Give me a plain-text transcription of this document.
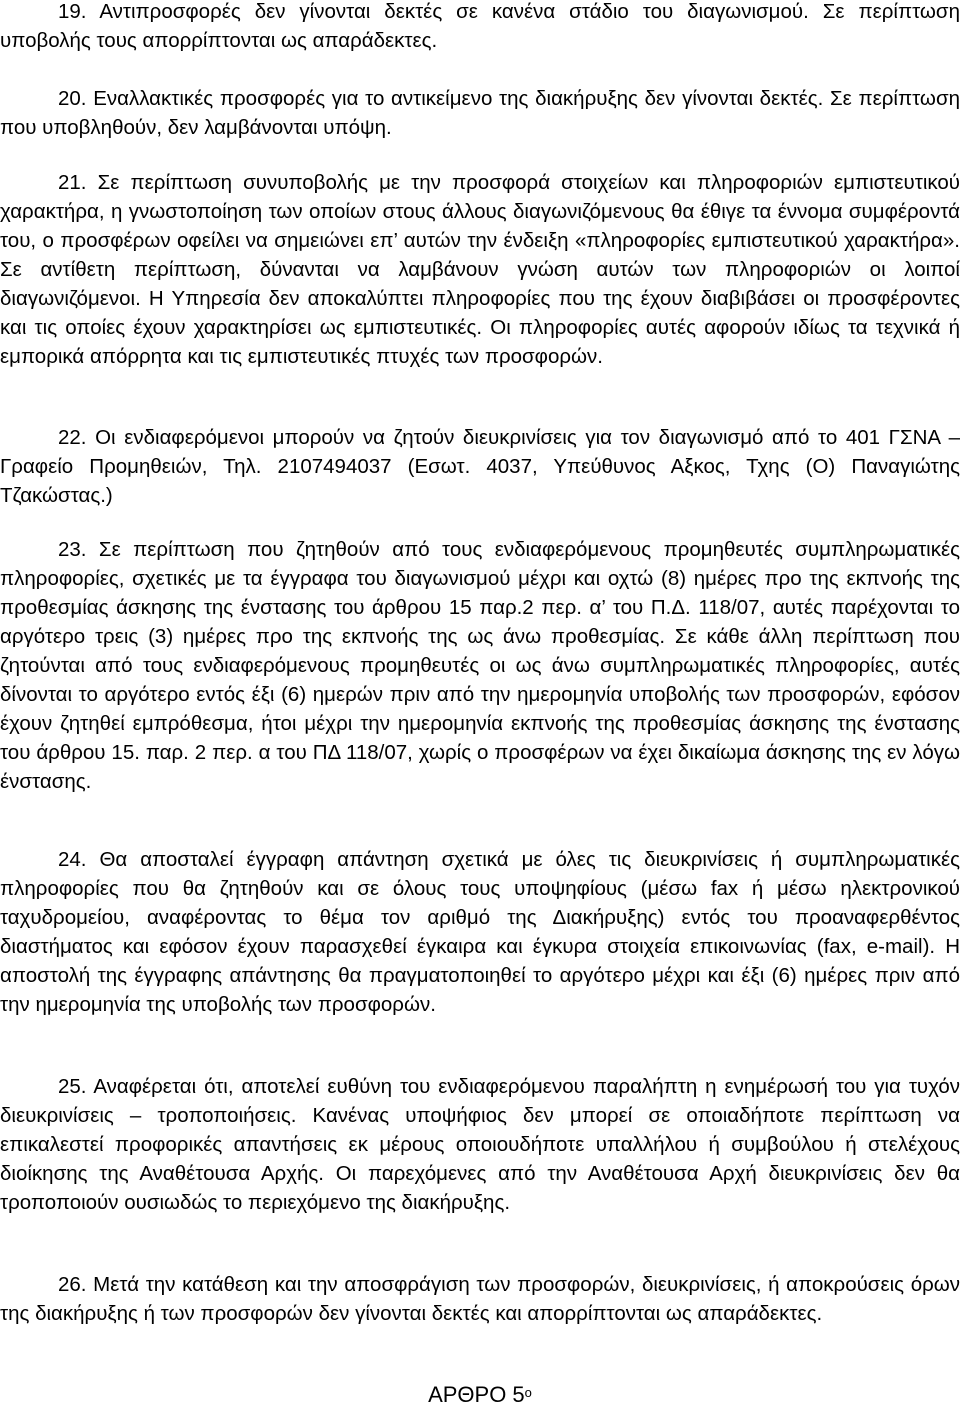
19. Αντιπροσφορές δεν γίνονται δεκτές σε κανένα στάδιο του διαγωνισμού. Σε περίπτωση υποβολής τους απορρίπτονται ως απαράδεκτες.

20. Εναλλακτικές προσφορές για το αντικείμενο της διακήρυξης δεν γίνονται δεκτές. Σε περίπτωση που υποβληθούν, δεν λαμβάνονται υπόψη.

21. Σε περίπτωση συνυποβολής με την προσφορά στοιχείων και πληροφοριών εμπιστευτικού χαρακτήρα, η γνωστοποίηση των οποίων στους άλλους διαγωνιζόμενους θα έθιγε τα έννομα συμφέροντά του, ο προσφέρων οφείλει να σημειώνει επ’ αυτών την ένδειξη «πληροφορίες εμπιστευτικού χαρακτήρα». Σε αντίθετη περίπτωση, δύνανται να λαμβάνουν γνώση αυτών των πληροφοριών οι λοιποί διαγωνιζόμενοι. Η Υπηρεσία δεν αποκαλύπτει πληροφορίες που της έχουν διαβιβάσει οι προσφέροντες και τις οποίες έχουν χαρακτηρίσει ως εμπιστευτικές. Οι πληροφορίες αυτές αφορούν ιδίως τα τεχνικά ή εμπορικά απόρρητα και τις εμπιστευτικές πτυχές των προσφορών.

22. Οι ενδιαφερόμενοι μπορούν να ζητούν διευκρινίσεις για τον διαγωνισμό από το 401 ΓΣΝΑ – Γραφείο Προμηθειών, Τηλ. 2107494037 (Εσωτ. 4037, Υπεύθυνος Αξκος, Τχης (Ο) Παναγιώτης Τζακώστας.)

23. Σε περίπτωση που ζητηθούν από τους ενδιαφερόμενους προμηθευτές συμπληρωματικές πληροφορίες, σχετικές με τα έγγραφα του διαγωνισμού μέχρι και οχτώ (8) ημέρες προ της εκπνοής της προθεσμίας άσκησης της ένστασης του άρθρου 15 παρ.2 περ. α’ του Π.Δ. 118/07, αυτές παρέχονται το αργότερο τρεις (3) ημέρες προ της εκπνοής της ως άνω προθεσμίας. Σε κάθε άλλη περίπτωση που ζητούνται από τους ενδιαφερόμενους προμηθευτές οι ως άνω συμπληρωματικές πληροφορίες, αυτές δίνονται το αργότερο εντός έξι (6) ημερών πριν από την ημερομηνία υποβολής των προσφορών, εφόσον έχουν ζητηθεί εμπρόθεσμα, ήτοι μέχρι την ημερομηνία εκπνοής της προθεσμίας άσκησης της ένστασης του άρθρου 15. παρ. 2 περ. α του ΠΔ 118/07, χωρίς ο προσφέρων να έχει δικαίωμα άσκησης της εν λόγω ένστασης.

24. Θα αποσταλεί έγγραφη απάντηση σχετικά με όλες τις διευκρινίσεις ή συμπληρωματικές πληροφορίες που θα ζητηθούν και σε όλους τους υποψηφίους (μέσω fax ή μέσω ηλεκτρονικού ταχυδρομείου, αναφέροντας το θέμα τον αριθμό της Διακήρυξης) εντός του προαναφερθέντος διαστήματος και εφόσον έχουν παρασχεθεί έγκαιρα και έγκυρα στοιχεία επικοινωνίας (fax, e-mail). Η αποστολή της έγγραφης απάντησης θα πραγματοποιηθεί το αργότερο μέχρι και έξι (6) ημέρες πριν από την ημερομηνία της υποβολής των προσφορών.

25. Αναφέρεται ότι, αποτελεί ευθύνη του ενδιαφερόμενου παραλήπτη η ενημέρωσή του για τυχόν διευκρινίσεις – τροποποιήσεις. Κανένας υποψήφιος δεν μπορεί σε οποιαδήποτε περίπτωση να επικαλεστεί προφορικές απαντήσεις εκ μέρους οποιουδήποτε υπαλλήλου ή συμβούλου ή στελέχους διοίκησης της Αναθέτουσα Αρχής. Οι παρεχόμενες από την Αναθέτουσα Αρχή διευκρινίσεις δεν θα τροποποιούν ουσιωδώς το περιεχόμενο της διακήρυξης.

26. Μετά την κατάθεση και την αποσφράγιση των προσφορών, διευκρινίσεις, ή αποκρούσεις όρων της διακήρυξης ή των προσφορών δεν γίνονται δεκτές και απορρίπτονται ως απαράδεκτες.

ΑΡΘΡΟ $5^o$
